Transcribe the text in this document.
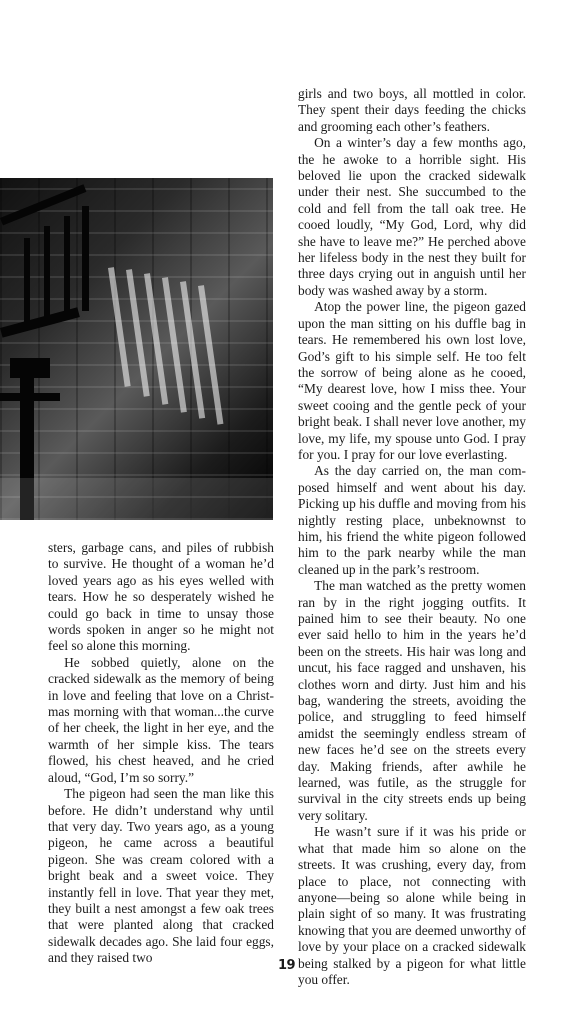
sters, garbage cans, and piles of rubbish to survive. He thought of a woman he’d loved years ago as his eyes welled with tears. How he so desperately wished he could go back in time to unsay those words spoken in anger so he might not feel so alone this morning.

He sobbed quietly, alone on the cracked sidewalk as the memory of being in love and feeling that love on a Christmas morning with that woman...the curve of her cheek, the light in her eye, and the warmth of her simple kiss. The tears flowed, his chest heaved, and he cried aloud, “God, I’m so sorry.”

The pigeon had seen the man like this before. He didn’t understand why until that very day. Two years ago, as a young pigeon, he came across a beautiful pigeon. She was cream colored with a bright beak and a sweet voice. They instantly fell in love. That year they met, they built a nest amongst a few oak trees that were planted along that cracked sidewalk decades ago. She laid four eggs, and they raised two

girls and two boys, all mottled in color. They spent their days feeding the chicks and grooming each other’s feathers.

On a winter’s day a few months ago, the he awoke to a horrible sight. His beloved lie upon the cracked sidewalk under their nest. She succumbed to the cold and fell from the tall oak tree. He cooed loudly, “My God, Lord, why did she have to leave me?” He perched above her lifeless body in the nest they built for three days crying out in anguish until her body was washed away by a storm.

Atop the power line, the pigeon gazed upon the man sitting on his duffle bag in tears. He remembered his own lost love, God’s gift to his simple self. He too felt the sorrow of being alone as he cooed, “My dearest love, how I miss thee. Your sweet cooing and the gentle peck of your bright beak. I shall never love another, my love, my life, my spouse unto God. I pray for you. I pray for our love everlasting.

As the day carried on, the man composed himself and went about his day. Picking up his duffle and moving from his nightly resting place, unbeknownst to him, his friend the white pigeon followed him to the park nearby while the man cleaned up in the park’s restroom.

The man watched as the pretty women ran by in the right jogging outfits. It pained him to see their beauty. No one ever said hello to him in the years he’d been on the streets. His hair was long and uncut, his face ragged and unshaven, his clothes worn and dirty. Just him and his bag, wandering the streets, avoiding the police, and struggling to feed himself amidst the seemingly endless stream of new faces he’d see on the streets every day. Making friends, after awhile he learned, was futile, as the struggle for survival in the city streets ends up being very solitary.

He wasn’t sure if it was his pride or what that made him so alone on the streets. It was crushing, every day, from place to place, not connecting with anyone—being so alone while being in plain sight of so many. It was frustrating knowing that you are deemed unworthy of love by your place on a cracked sidewalk being stalked by a pigeon for what little you offer.

19
